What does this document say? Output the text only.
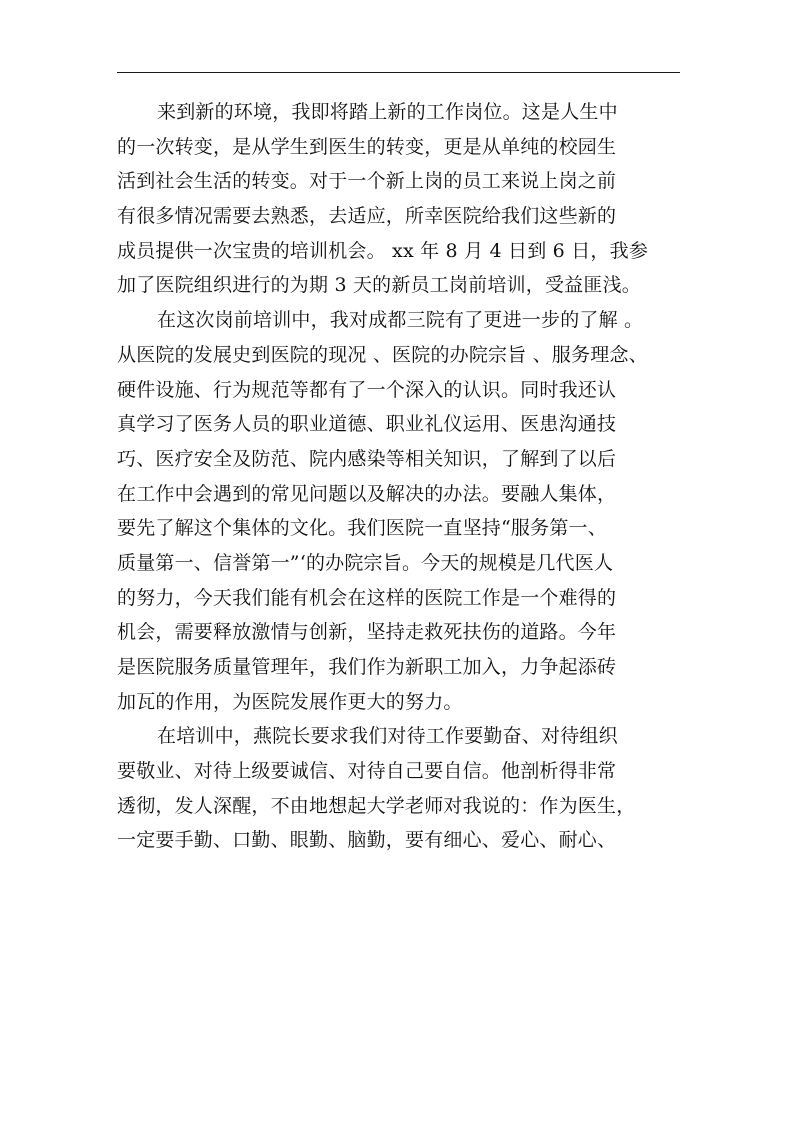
来到新的环境，我即将踏上新的工作岗位。这是人生中
的一次转变，是从学生到医生的转变，更是从单纯的校园生
活到社会生活的转变。对于一个新上岗的员工来说上岗之前
有很多情况需要去熟悉，去适应，所幸医院给我们这些新的
成员提供一次宝贵的培训机会。 xx 年 8 月 4 日到 6 日，我参
加了医院组织进行的为期 3 天的新员工岗前培训，受益匪浅。
在这次岗前培训中，我对成都三院有了更进一步的了解 。
从医院的发展史到医院的现况 、医院的办院宗旨 、服务理念、
硬件设施、行为规范等都有了一个深入的认识。同时我还认
真学习了医务人员的职业道德、职业礼仪运用、医患沟通技
巧、医疗安全及防范、院内感染等相关知识，了解到了以后
在工作中会遇到的常见问题以及解决的办法。要融人集体，
要先了解这个集体的文化。我们医院一直坚持“服务第一、
质量第一、信誉第一”‘的办院宗旨。今天的规模是几代医人
的努力，今天我们能有机会在这样的医院工作是一个难得的
机会，需要释放激情与创新，坚持走救死扶伤的道路。今年
是医院服务质量管理年，我们作为新职工加入，力争起添砖
加瓦的作用，为医院发展作更大的努力。
在培训中，燕院长要求我们对待工作要勤奋、对待组织
要敬业、对待上级要诚信、对待自己要自信。他剖析得非常
透彻，发人深醒，不由地想起大学老师对我说的：作为医生，
一定要手勤、口勤、眼勤、脑勤，要有细心、爱心、耐心、
